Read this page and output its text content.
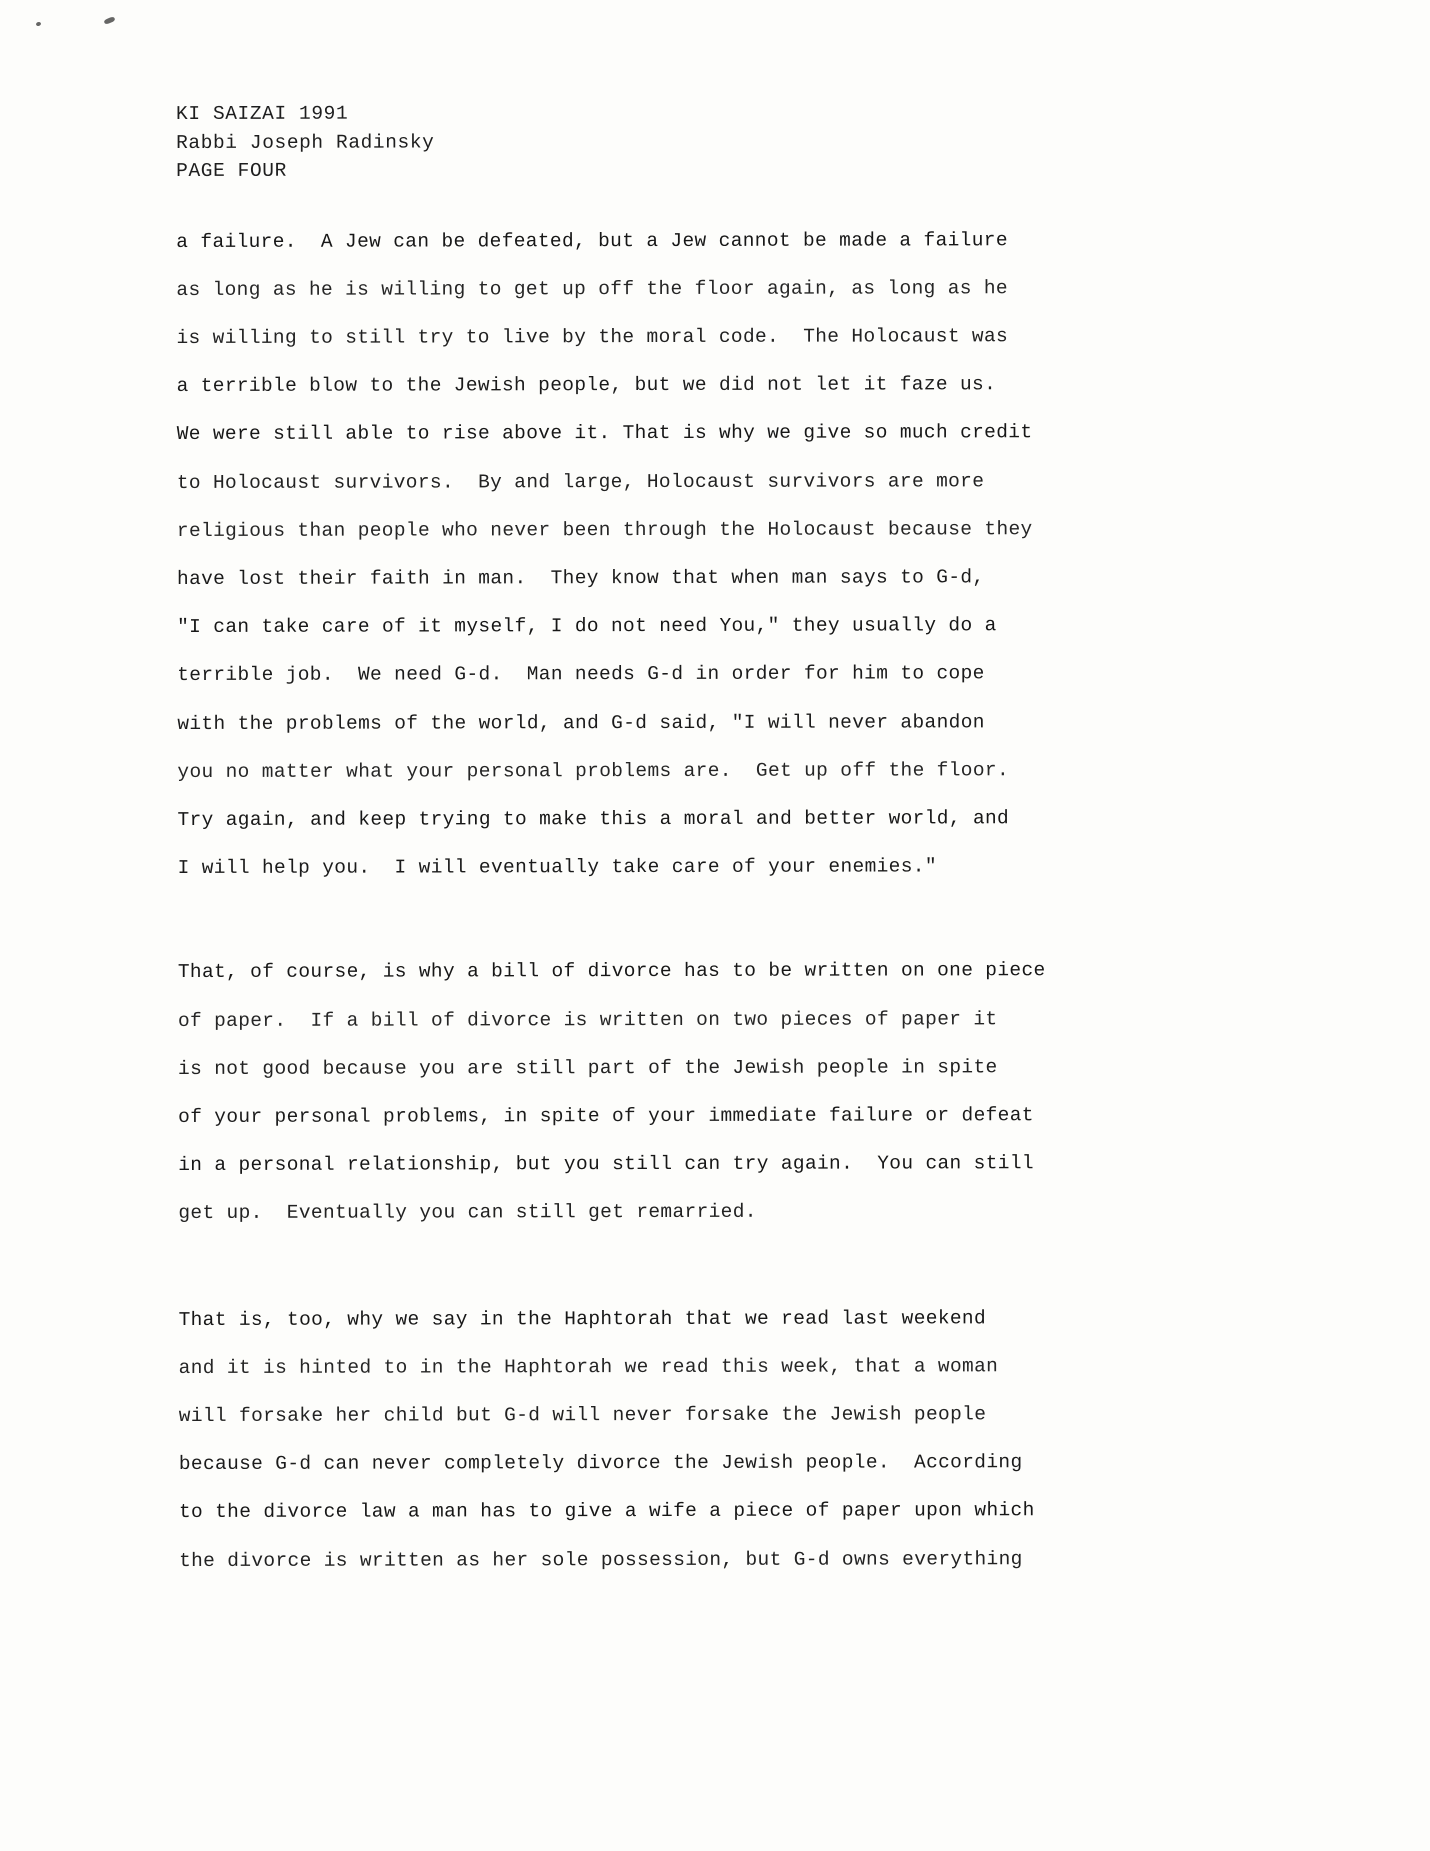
KI SAIZAI 1991
Rabbi Joseph Radinsky
PAGE FOUR
a failure.  A Jew can be defeated, but a Jew cannot be made a failure
as long as he is willing to get up off the floor again, as long as he
is willing to still try to live by the moral code.  The Holocaust was
a terrible blow to the Jewish people, but we did not let it faze us.
We were still able to rise above it. That is why we give so much credit
to Holocaust survivors.  By and large, Holocaust survivors are more
religious than people who never been through the Holocaust because they
have lost their faith in man.  They know that when man says to G-d,
"I can take care of it myself, I do not need You," they usually do a
terrible job.  We need G-d.  Man needs G-d in order for him to cope
with the problems of the world, and G-d said, "I will never abandon
you no matter what your personal problems are.  Get up off the floor.
Try again, and keep trying to make this a moral and better world, and
I will help you.  I will eventually take care of your enemies."
That, of course, is why a bill of divorce has to be written on one piece
of paper.  If a bill of divorce is written on two pieces of paper it
is not good because you are still part of the Jewish people in spite
of your personal problems, in spite of your immediate failure or defeat
in a personal relationship, but you still can try again.  You can still
get up.  Eventually you can still get remarried.
That is, too, why we say in the Haphtorah that we read last weekend
and it is hinted to in the Haphtorah we read this week, that a woman
will forsake her child but G-d will never forsake the Jewish people
because G-d can never completely divorce the Jewish people.  According
to the divorce law a man has to give a wife a piece of paper upon which
the divorce is written as her sole possession, but G-d owns everything
